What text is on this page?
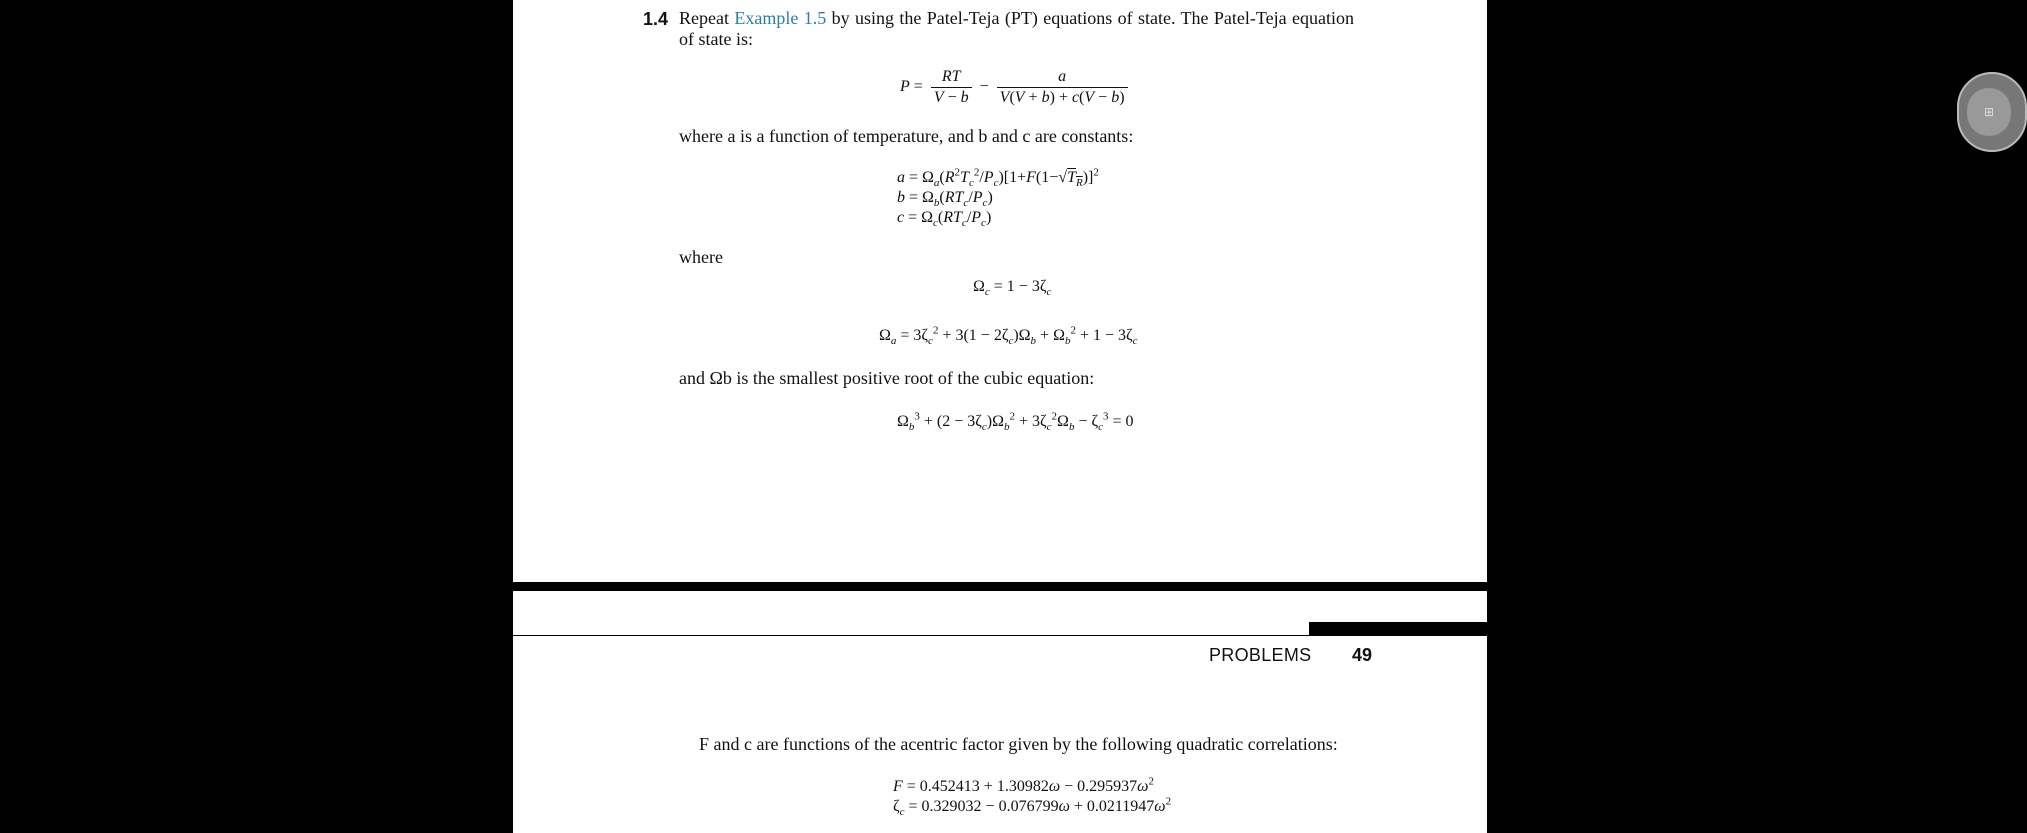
1.4 Repeat Example 1.5 by using the Patel-Teja (PT) equations of state. The Patel-Teja equation of state is:
$P = \frac{RT}{V - b} - \frac{a}{V(V + b) + c(V - b)}$
where a is a function of temperature, and b and c are constants:
$a = \Omega_a(R^2T_c^2/P_c)[1+F(1-√T_R)]^2$
$b = \Omega_b(RT_c/P_c)$
$c = \Omega_c(RT_c/P_c)$
where
$\Omega_c = 1 - 3\zeta_c$
$\Omega_a = 3\zeta_c^2 + 3(1 - 2\zeta_c)\Omega_b + \Omega_b^2 + 1 - 3\zeta_c$
and Ωb is the smallest positive root of the cubic equation:
$\Omega_b^3 + (2 - 3\zeta_c)\Omega_b^2 + 3\zeta_c^2\Omega_b - \zeta_c^3 = 0$
PROBLEMS 49
F and c are functions of the acentric factor given by the following quadratic correlations:
$F = 0.452413 + 1.30982\omega - 0.295937\omega^2$
$\zeta_c = 0.329032 - 0.076799\omega + 0.0211947\omega^2$
⊞
